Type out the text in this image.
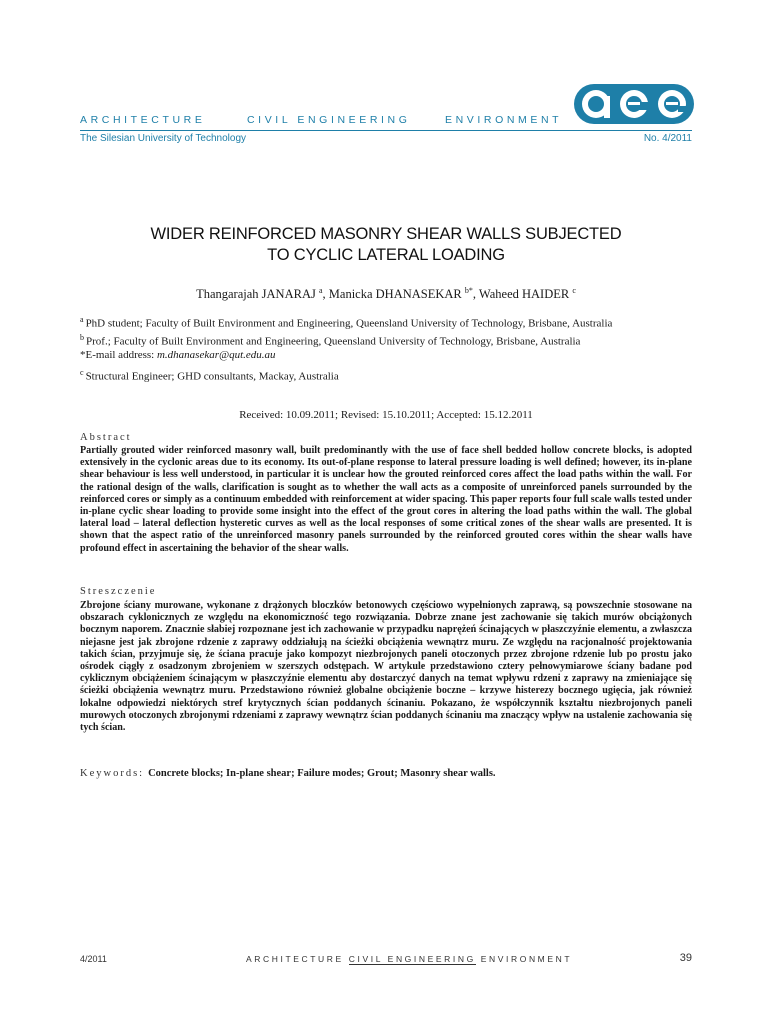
ARCHITECTURE	CIVIL ENGINEERING	ENVIRONMENT
The Silesian University of Technology	No. 4/2011
WIDER REINFORCED MASONRY SHEAR WALLS SUBJECTED
TO CYCLIC LATERAL LOADING
Thangarajah JANARAJ $^a$, Manicka DHANASEKAR $^{b*}$, Waheed HAIDER $^c$
$^a$ PhD student; Faculty of Built Environment and Engineering, Queensland University of Technology, Brisbane, Australia
$^b$ Prof.; Faculty of Built Environment and Engineering, Queensland University of Technology, Brisbane, Australia
*E-mail address: m.dhanasekar@qut.edu.au
$^c$ Structural Engineer; GHD consultants, Mackay, Australia
Received: 10.09.2011; Revised: 15.10.2011; Accepted: 15.12.2011
Abstract
Partially grouted wider reinforced masonry wall, built predominantly with the use of face shell bedded hollow concrete blocks, is adopted extensively in the cyclonic areas due to its economy. Its out-of-plane response to lateral pressure loading is well defined; however, its in-plane shear behaviour is less well understood, in particular it is unclear how the grouted reinforced cores affect the load paths within the wall. For the rational design of the walls, clarification is sought as to whether the wall acts as a composite of unreinforced panels surrounded by the reinforced cores or simply as a continuum embedded with reinforcement at wider spacing. This paper reports four full scale walls tested under in-plane cyclic shear loading to provide some insight into the effect of the grout cores in altering the load paths within the wall. The global lateral load – lateral deflection hysteretic curves as well as the local responses of some critical zones of the shear walls are presented. It is shown that the aspect ratio of the unreinforced masonry panels surrounded by the reinforced grouted cores within the shear walls have profound effect in ascertaining the behavior of the shear walls.
Streszczenie
Zbrojone ściany murowane, wykonane z drążonych bloczków betonowych częściowo wypełnionych zaprawą, są powszechnie stosowane na obszarach cyklonicznych ze względu na ekonomiczność tego rozwiązania. Dobrze znane jest zachowanie się takich murów obciążonych bocznym naporem. Znacznie słabiej rozpoznane jest ich zachowanie w przypadku naprężeń ścinających w płaszczyźnie elementu, a zwłaszcza niejasne jest jak zbrojone rdzenie z zaprawy oddziałują na ścieżki obciążenia wewnątrz muru. Ze względu na racjonalność projektowania takich ścian, przyjmuje się, że ściana pracuje jako kompozyt niezbrojonych paneli otoczonych przez zbrojone rdzenie lub po prostu jako ośrodek ciągły z osadzonym zbrojeniem w szerszych odstępach. W artykule przedstawiono cztery pełnowymiarowe ściany badane pod cyklicznym obciążeniem ścinającym w płaszczyźnie elementu aby dostarczyć danych na temat wpływu rdzeni z zaprawy na zmieniające się ścieżki obciążenia wewnątrz muru. Przedstawiono również globalne obciążenie boczne – krzywe histerezy bocznego ugięcia, jak również lokalne odpowiedzi niektórych stref krytycznych ścian poddanych ścinaniu. Pokazano, że współczynnik kształtu niezbrojonych paneli murowych otoczonych zbrojonymi rdzeniami z zaprawy wewnątrz ścian poddanych ścinaniu ma znaczący wpływ na ustalenie zachowania się tych ścian.
Keywords: Concrete blocks; In-plane shear; Failure modes; Grout; Masonry shear walls.
4/2011	ARCHITECTURE CIVIL ENGINEERING ENVIRONMENT	39
